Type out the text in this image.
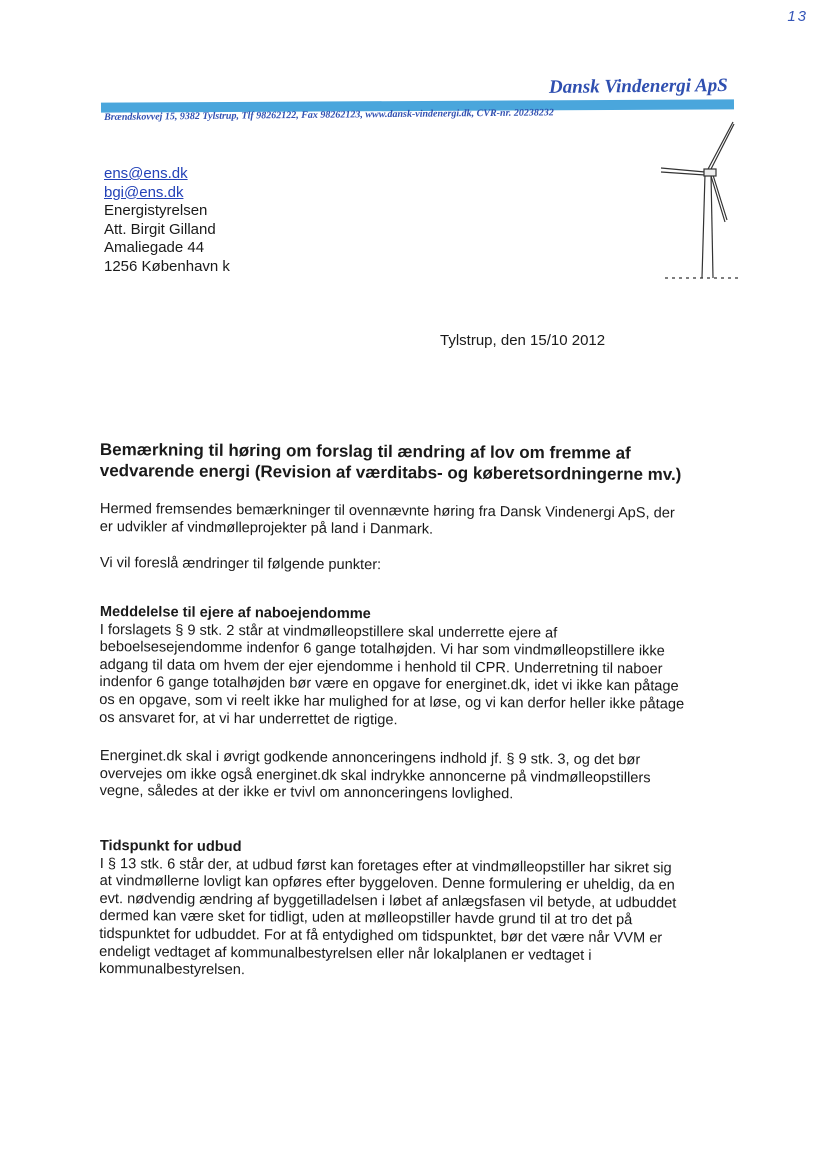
13
Dansk Vindenergi ApS
Brændskovvej 15, 9382 Tylstrup, Tlf 98262122, Fax 98262123, www.dansk-vindenergi.dk, CVR-nr. 20238232
ens@ens.dk
bgi@ens.dk
Energistyrelsen
Att. Birgit Gilland
Amaliegade 44
1256 København k
Tylstrup, den 15/10 2012
Bemærkning til høring om forslag til ændring af lov om fremme af
vedvarende energi (Revision af værditabs- og køberetsordningerne mv.)
Hermed fremsendes bemærkninger til ovennævnte høring fra Dansk Vindenergi ApS, der
er udvikler af vindmølleprojekter på land i Danmark.
Vi vil foreslå ændringer til følgende punkter:
Meddelelse til ejere af naboejendomme
I forslagets § 9 stk. 2 står at vindmølleopstillere skal underrette ejere af
beboelsesejendomme indenfor 6 gange totalhøjden. Vi har som vindmølleopstillere ikke
adgang til data om hvem der ejer ejendomme i henhold til CPR. Underretning til naboer
indenfor 6 gange totalhøjden bør være en opgave for energinet.dk, idet vi ikke kan påtage
os en opgave, som vi reelt ikke har mulighed for at løse, og vi kan derfor heller ikke påtage
os ansvaret for, at vi har underrettet de rigtige.
Energinet.dk skal i øvrigt godkende annonceringens indhold jf. § 9 stk. 3, og det bør
overvejes om ikke også energinet.dk skal indrykke annoncerne på vindmølleopstillers
vegne, således at der ikke er tvivl om annonceringens lovlighed.
Tidspunkt for udbud
I § 13 stk. 6 står der, at udbud først kan foretages efter at vindmølleopstiller har sikret sig
at vindmøllerne lovligt kan opføres efter byggeloven. Denne formulering er uheldig, da en
evt. nødvendig ændring af byggetilladelsen i løbet af anlægsfasen vil betyde, at udbuddet
dermed kan være sket for tidligt, uden at mølleopstiller havde grund til at tro det på
tidspunktet for udbuddet. For at få entydighed om tidspunktet, bør det være når VVM er
endeligt vedtaget af kommunalbestyrelsen eller når lokalplanen er vedtaget i
kommunalbestyrelsen.
